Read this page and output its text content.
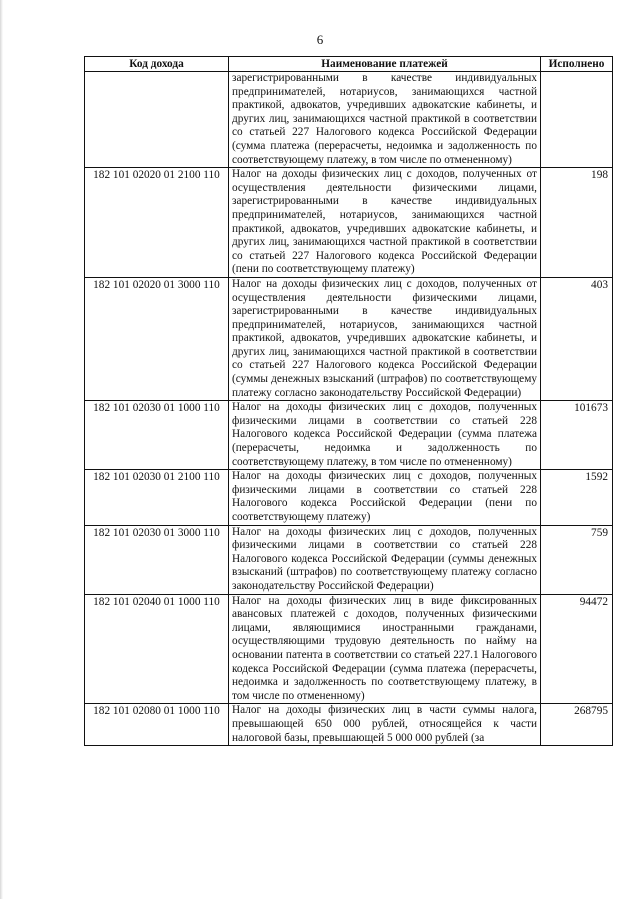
6
Код дохода	Наименование платежей	Исполнено
	зарегистрированными в качестве индивидуальных предпринимателей, нотариусов, занимающихся частной практикой, адвокатов, учредивших адвокатские кабинеты, и других лиц, занимающихся частной практикой в соответствии со статьей 227 Налогового кодекса Российской Федерации (сумма платежа (перерасчеты, недоимка и задолженность по соответствующему платежу, в том числе по отмененному)	
182 101 02020 01 2100 110	Налог на доходы физических лиц с доходов, полученных от осуществления деятельности физическими лицами, зарегистрированными в качестве индивидуальных предпринимателей, нотариусов, занимающихся частной практикой, адвокатов, учредивших адвокатские кабинеты, и других лиц, занимающихся частной практикой в соответствии со статьей 227 Налогового кодекса Российской Федерации (пени по соответствующему платежу)	198
182 101 02020 01 3000 110	Налог на доходы физических лиц с доходов, полученных от осуществления деятельности физическими лицами, зарегистрированными в качестве индивидуальных предпринимателей, нотариусов, занимающихся частной практикой, адвокатов, учредивших адвокатские кабинеты, и других лиц, занимающихся частной практикой в соответствии со статьей 227 Налогового кодекса Российской Федерации (суммы денежных взысканий (штрафов) по соответствующему платежу согласно законодательству Российской Федерации)	403
182 101 02030 01 1000 110	Налог на доходы физических лиц с доходов, полученных физическими лицами в соответствии со статьей 228 Налогового кодекса Российской Федерации (сумма платежа (перерасчеты, недоимка и задолженность по соответствующему платежу, в том числе по отмененному)	101673
182 101 02030 01 2100 110	Налог на доходы физических лиц с доходов, полученных физическими лицами в соответствии со статьей 228 Налогового кодекса Российской Федерации (пени по соответствующему платежу)	1592
182 101 02030 01 3000 110	Налог на доходы физических лиц с доходов, полученных физическими лицами в соответствии со статьей 228 Налогового кодекса Российской Федерации (суммы денежных взысканий (штрафов) по соответствующему платежу согласно законодательству Российской Федерации)	759
182 101 02040 01 1000 110	Налог на доходы физических лиц в виде фиксированных авансовых платежей с доходов, полученных физическими лицами, являющимися иностранными гражданами, осуществляющими трудовую деятельность по найму на основании патента в соответствии со статьей 227.1 Налогового кодекса Российской Федерации (сумма платежа (перерасчеты, недоимка и задолженность по соответствующему платежу, в том числе по отмененному)	94472
182 101 02080 01 1000 110	Налог на доходы физических лиц в части суммы налога, превышающей 650 000 рублей, относящейся к части налоговой базы, превышающей 5 000 000 рублей (за	268795
